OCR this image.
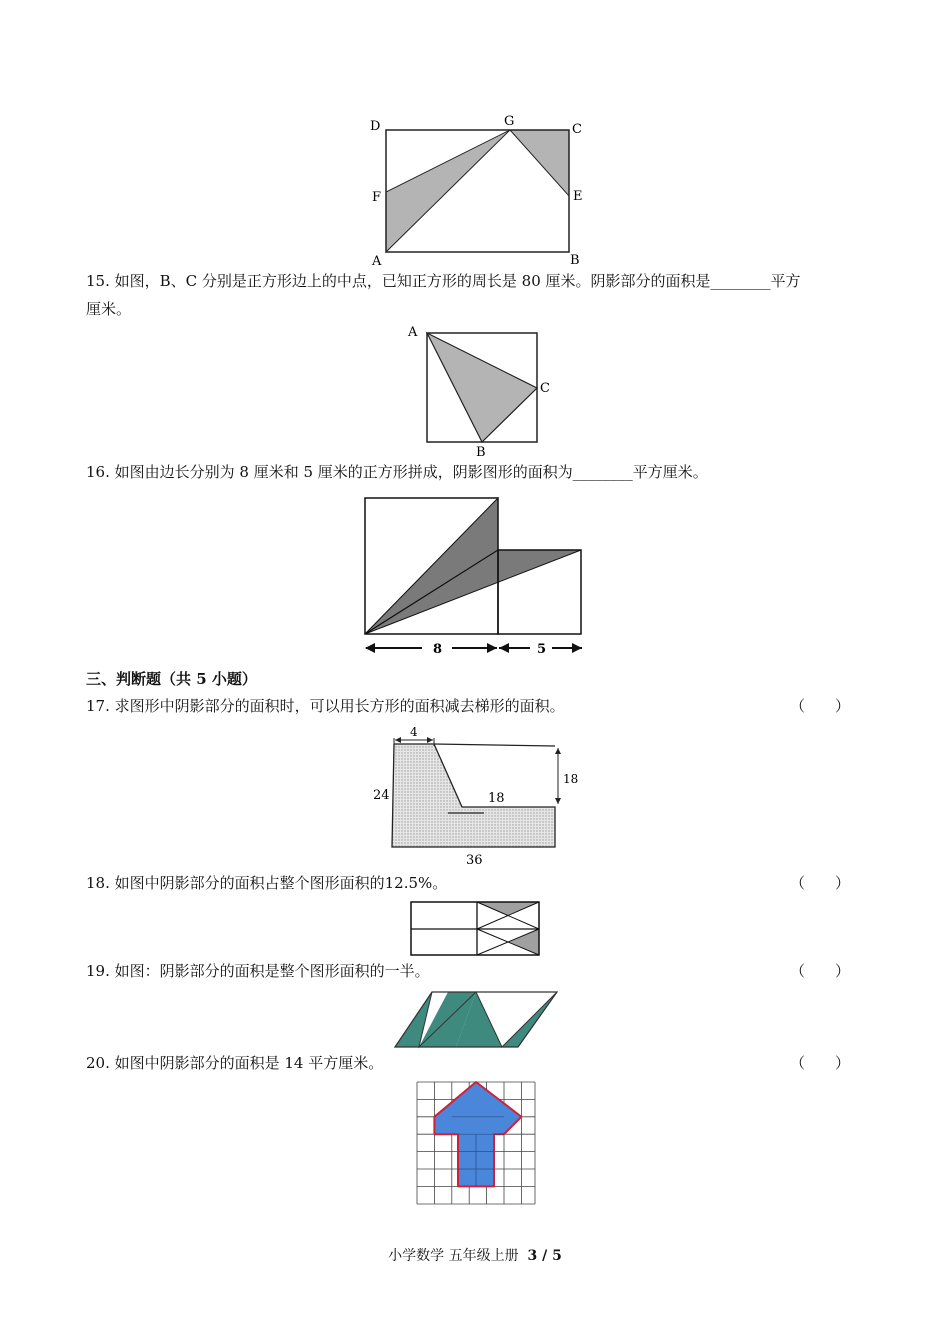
D	G
C
F	E
A	B
15. 如图，B、C 分别是正方形边上的中点，已知正方形的周长是 80 厘米。阴影部分的面积是________平方
厘米。
A
C
B
16. 如图由边长分别为 8 厘米和 5 厘米的正方形拼成，阴影图形的面积为________平方厘米。
8	5
三、判断题（共 5 小题）
17. 求图形中阴影部分的面积时，可以用长方形的面积减去梯形的面积。	（　　）
4
24
18
18
36
18. 如图中阴影部分的面积占整个图形面积的12.5%。	（　　）
19. 如图：阴影部分的面积是整个图形面积的一半。	（　　）
20. 如图中阴影部分的面积是 14 平方厘米。	（　　）
小学数学 五年级上册 3 / 5
